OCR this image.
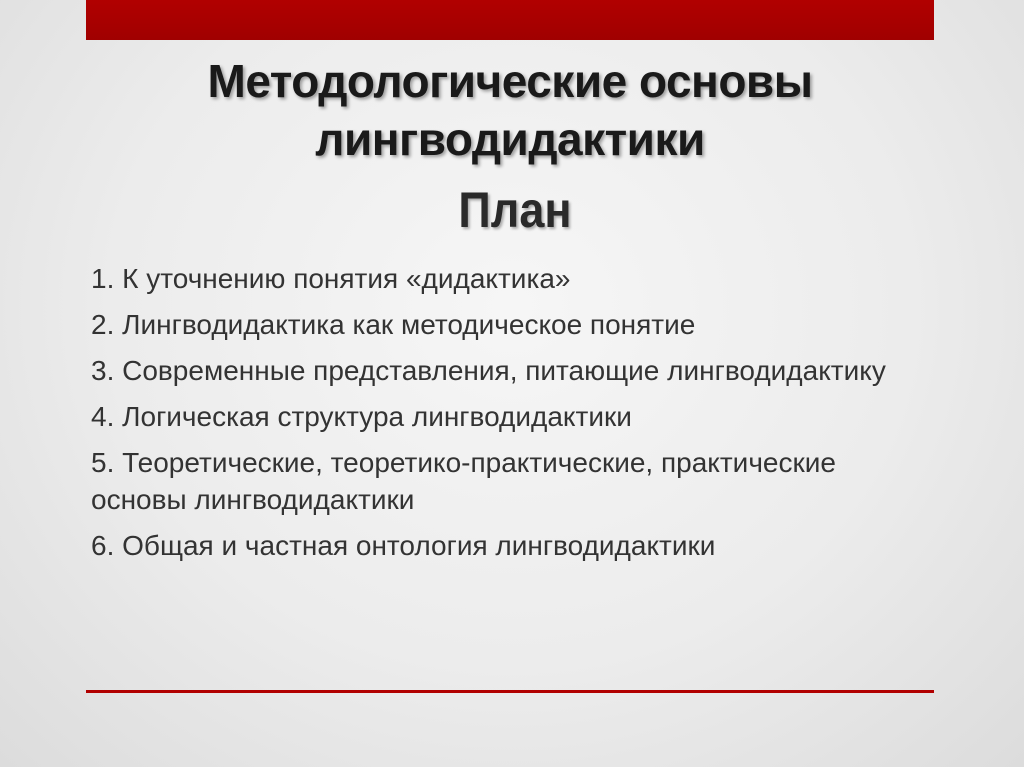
Методологические основы
лингводидактики
План
1. К уточнению понятия «дидактика»
2. Лингводидактика как методическое понятие
3. Современные представления, питающие лингводидактику
4. Логическая структура лингводидактики
5. Теоретические, теоретико-практические, практические основы лингводидактики
6. Общая и частная онтология лингводидактики
